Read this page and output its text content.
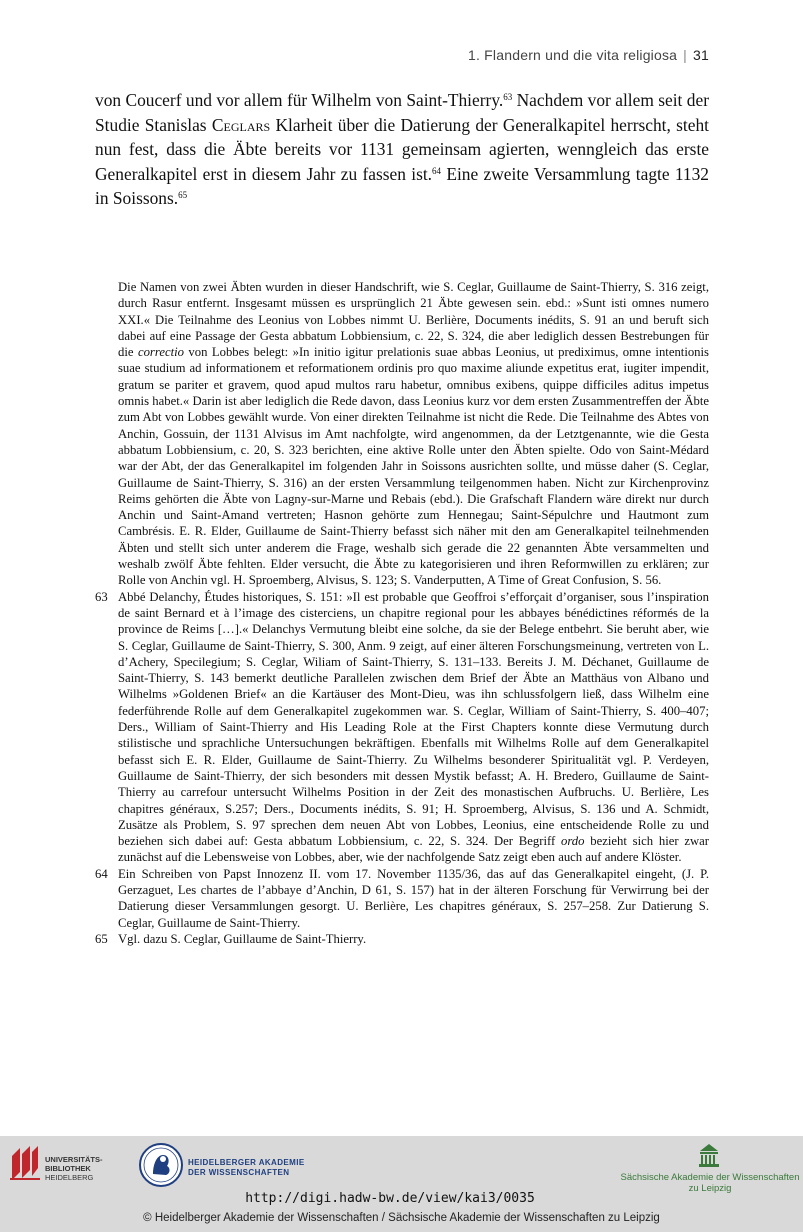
1. Flandern und die vita religiosa | 31
von Coucerf und vor allem für Wilhelm von Saint-Thierry.$^{63}$ Nachdem vor allem seit der Studie Stanislas Ceglars Klarheit über die Datierung der Generalkapitel herrscht, steht nun fest, dass die Äbte bereits vor 1131 gemeinsam agierten, wenngleich das erste Generalkapitel erst in diesem Jahr zu fassen ist.$^{64}$ Eine zweite Versammlung tagte 1132 in Soissons.$^{65}$
Die Namen von zwei Äbten wurden in dieser Handschrift, wie S. Ceglar, Guillaume de Saint-Thierry, S. 316 zeigt, durch Rasur entfernt. Insgesamt müssen es ursprünglich 21 Äbte gewesen sein. ebd.: »Sunt isti omnes numero XXI.« Die Teilnahme des Leonius von Lobbes nimmt U. Berlière, Documents inédits, S. 91 an und beruft sich dabei auf eine Passage der Gesta abbatum Lobbiensium, c. 22, S. 324, die aber lediglich dessen Bestrebungen für die correctio von Lobbes belegt: »In initio igitur prelationis suae abbas Leonius, ut prediximus, omne intentionis suae studium ad informationem et reformationem ordinis pro quo maxime aliunde expetitus erat, iugiter impendit, gratum se pariter et gravem, quod apud multos raru habetur, omnibus exibens, quippe difficiles aditus impetus omnis habet.« Darin ist aber lediglich die Rede davon, dass Leonius kurz vor dem ersten Zusammentreffen der Äbte zum Abt von Lobbes gewählt wurde. Von einer direkten Teilnahme ist nicht die Rede. Die Teilnahme des Abtes von Anchin, Gossuin, der 1131 Alvisus im Amt nachfolgte, wird angenommen, da der Letztgenannte, wie die Gesta abbatum Lobbiensium, c. 20, S. 323 berichten, eine aktive Rolle unter den Äbten spielte. Odo von Saint-Médard war der Abt, der das Generalkapitel im folgenden Jahr in Soissons ausrichten sollte, und müsse daher (S. Ceglar, Guillaume de Saint-Thierry, S. 316) an der ersten Versammlung teilgenommen haben. Nicht zur Kirchenprovinz Reims gehörten die Äbte von Lagny-sur-Marne und Rebais (ebd.). Die Grafschaft Flandern wäre direkt nur durch Anchin und Saint-Amand vertreten; Hasnon gehörte zum Hennegau; Saint-Sépulchre und Hautmont zum Cambrésis. E. R. Elder, Guillaume de Saint-Thierry befasst sich näher mit den am Generalkapitel teilnehmenden Äbten und stellt sich unter anderem die Frage, weshalb sich gerade die 22 genannten Äbte versammelten und weshalb zwölf Äbte fehlten. Elder versucht, die Äbte zu kategorisieren und ihren Reformwillen zu erklären; zur Rolle von Anchin vgl. H. Sproemberg, Alvisus, S. 123; S. Vanderputten, A Time of Great Confusion, S. 56.
63 Abbé Delanchy, Études historiques, S. 151: »Il est probable que Geoffroi s’efforçait d’organiser, sous l’inspiration de saint Bernard et à l’image des cisterciens, un chapitre regional pour les abbayes bénédictines réformés de la province de Reims […].« Delanchys Vermutung bleibt eine solche, da sie der Belege entbehrt. Sie beruht aber, wie S. Ceglar, Guillaume de Saint-Thierry, S. 300, Anm. 9 zeigt, auf einer älteren Forschungsmeinung, vertreten von L. d’Achery, Specilegium; S. Ceglar, Wiliam of Saint-Thierry, S. 131–133. Bereits J. M. Déchanet, Guillaume de Saint-Thierry, S. 143 bemerkt deutliche Parallelen zwischen dem Brief der Äbte an Matthäus von Albano und Wilhelms »Goldenen Brief« an die Kartäuser des Mont-Dieu, was ihn schlussfolgern ließ, dass Wilhelm eine federführende Rolle auf dem Generalkapitel zugekommen war. S. Ceglar, William of Saint-Thierry, S. 400–407; Ders., William of Saint-Thierry and His Leading Role at the First Chapters konnte diese Vermutung durch stilistische und sprachliche Untersuchungen bekräftigen. Ebenfalls mit Wilhelms Rolle auf dem Generalkapitel befasst sich E. R. Elder, Guillaume de Saint-Thierry. Zu Wilhelms besonderer Spiritualität vgl. P. Verdeyen, Guillaume de Saint-Thierry, der sich besonders mit dessen Mystik befasst; A. H. Bredero, Guillaume de Saint-Thierry au carrefour untersucht Wilhelms Position in der Zeit des monastischen Aufbruchs. U. Berlière, Les chapitres généraux, S.257; Ders., Documents inédits, S. 91; H. Sproemberg, Alvisus, S. 136 und A. Schmidt, Zusätze als Problem, S. 97 sprechen dem neuen Abt von Lobbes, Leonius, eine entscheidende Rolle zu und beziehen sich dabei auf: Gesta abbatum Lobbiensium, c. 22, S. 324. Der Begriff ordo bezieht sich hier zwar zunächst auf die Lebensweise von Lobbes, aber, wie der nachfolgende Satz zeigt eben auch auf andere Klöster.
64 Ein Schreiben von Papst Innozenz II. vom 17. November 1135/36, das auf das Generalkapitel eingeht, (J. P. Gerzaguet, Les chartes de l’abbaye d’Anchin, D 61, S. 157) hat in der älteren Forschung für Verwirrung bei der Datierung dieser Versammlungen gesorgt. U. Berlière, Les chapitres généraux, S. 257–258. Zur Datierung S. Ceglar, Guillaume de Saint-Thierry.
65 Vgl. dazu S. Ceglar, Guillaume de Saint-Thierry.
UNIVERSITÄTS-
BIBLIOTHEK
HEIDELBERG
HEIDELBERGER AKADEMIE
DER WISSENSCHAFTEN	Sächsische Akademie der Wissenschaften
zu Leipzig
http://digi.hadw-bw.de/view/kai3/0035
© Heidelberger Akademie der Wissenschaften / Sächsische Akademie der Wissenschaften zu Leipzig
